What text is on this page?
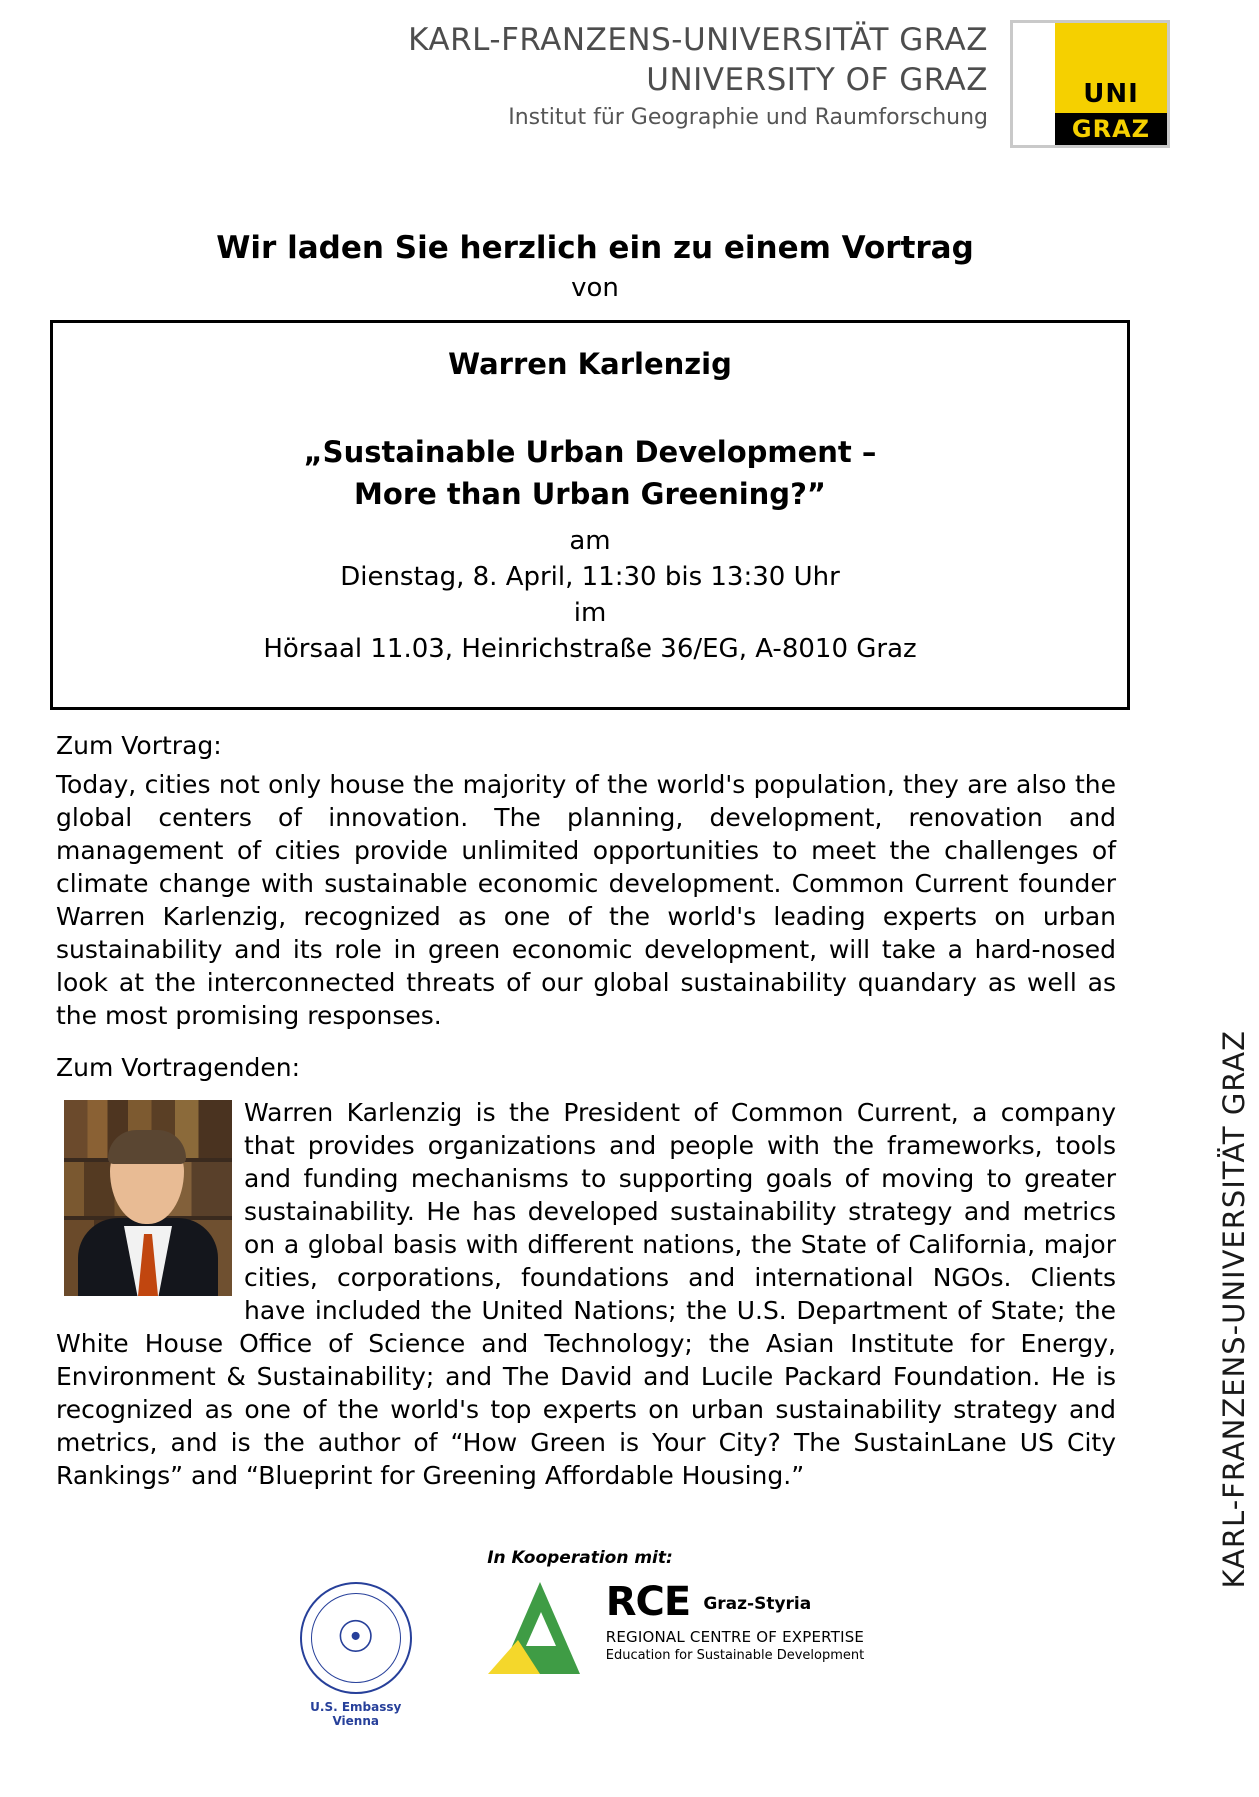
KARL-FRANZENS-UNIVERSITÄT GRAZ
UNIVERSITY OF GRAZ
Institut für Geographie und Raumforschung
UNI
GRAZ
Wir laden Sie herzlich ein zu einem Vortrag
von
Warren Karlenzig
„Sustainable Urban Development –
More than Urban Greening?”
am
Dienstag, 8. April, 11:30 bis 13:30 Uhr
im
Hörsaal 11.03, Heinrichstraße 36/EG, A-8010 Graz
Zum Vortrag:

Today, cities not only house the majority of the world's population, they are also the global centers of innovation. The planning, development, renovation and management of cities provide unlimited opportunities to meet the challenges of climate change with sustainable economic development. Common Current founder Warren Karlenzig, recognized as one of the world's leading experts on urban sustainability and its role in green economic development, will take a hard-nosed look at the interconnected threats of our global sustainability quandary as well as the most promising responses.

Zum Vortragenden:
Warren Karlenzig is the President of Common Current, a company that provides organizations and people with the frameworks, tools and funding mechanisms to supporting goals of moving to greater sustainability. He has developed sustainability strategy and metrics on a global basis with different nations, the State of California, major cities, corporations, foundations and international NGOs. Clients have included the United Nations; the U.S. Department of State; the White House Office of Science and Technology; the Asian Institute for Energy, Environment & Sustainability; and The David and Lucile Packard Foundation. He is recognized as one of the world's top experts on urban sustainability strategy and metrics, and is the author of “How Green is Your City? The SustainLane US City Rankings” and “Blueprint for Greening Affordable Housing.”	KARL-FRANZENS-UNIVERSITÄT GRAZ
In Kooperation mit:
☉
U.S. Embassy Vienna
RCE Graz-Styria
REGIONAL CENTRE OF EXPERTISE
Education for Sustainable Development
